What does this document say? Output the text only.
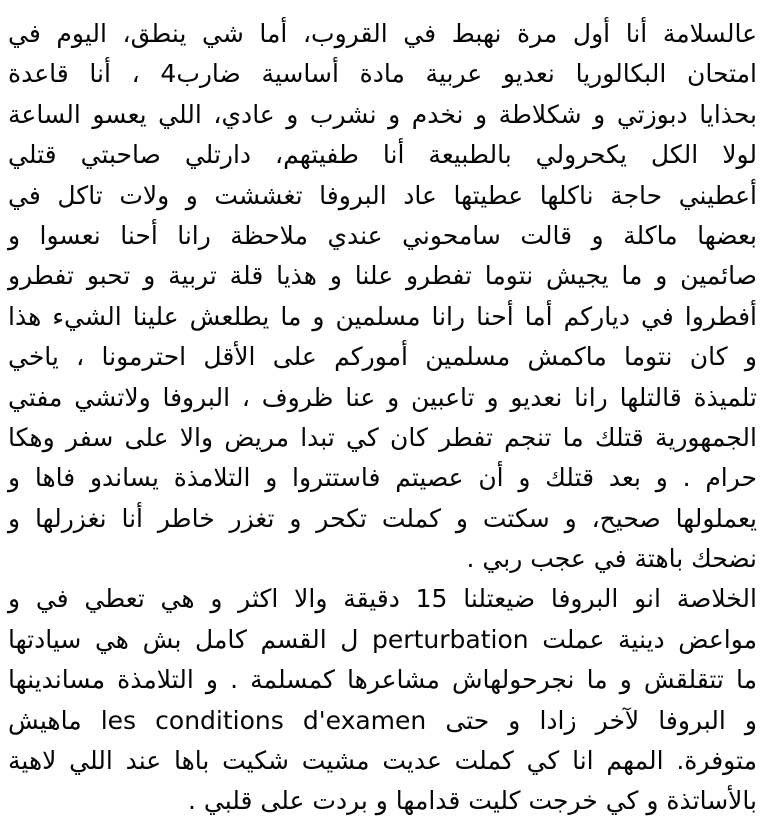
عالسلامة أنا أول مرة نهبط في القروب، أما شي ينطق، اليوم في
امتحان البكالوريا نعديو عربية مادة أساسية ضارب4 ، أنا قاعدة
بحذايا دبوزتي و شكلاطة و نخدم و نشرب و عادي، اللي يعسو الساعة
لولا الكل يكحرولي بالطبيعة أنا طفيتهم، دارتلي صاحبتي قتلي
أعطيني حاجة ناكلها عطيتها عاد البروفا تغششت و ولات تاكل في
بعضها ماكلة و قالت سامحوني عندي ملاحظة رانا أحنا نعسوا و
صائمين و ما يجيش نتوما تفطرو علنا و هذيا قلة تربية و تحبو تفطرو
أفطروا في دياركم أما أحنا رانا مسلمين و ما يطلعش علينا الشيء هذا
و كان نتوما ماكمش مسلمين أموركم على الأقل احترمونا ، ياخي
تلميذة قالتلها رانا نعديو و تاعبين و عنا ظروف ، البروفا ولاتشي مفتي
الجمهورية قتلك ما تنجم تفطر كان كي تبدا مريض والا على سفر وهكا
حرام . و بعد قتلك و أن عصيتم فاستتروا و التلامذة يساندو فاها و
يعملولها صحيح، و سكتت و كملت تكحر و تغزر خاطر أنا نغزرلها و
نضحك باهتة في عجب ربي .
الخلاصة انو البروفا ضيعتلنا 15 دقيقة والا اكثر و هي تعطي في و
مواعض دينية عملت perturbation ل القسم كامل بش هي سيادتها
ما تتقلقش و ما نجرحولهاش مشاعرها كمسلمة . و التلامذة مساندينها
و البروفا لآخر زادا و حتى les conditions d'examen ماهيش
متوفرة. المهم انا كي كملت عديت مشيت شكيت باها عند اللي لاهية
بالأساتذة و كي خرجت كليت قدامها و بردت على قلبي .
